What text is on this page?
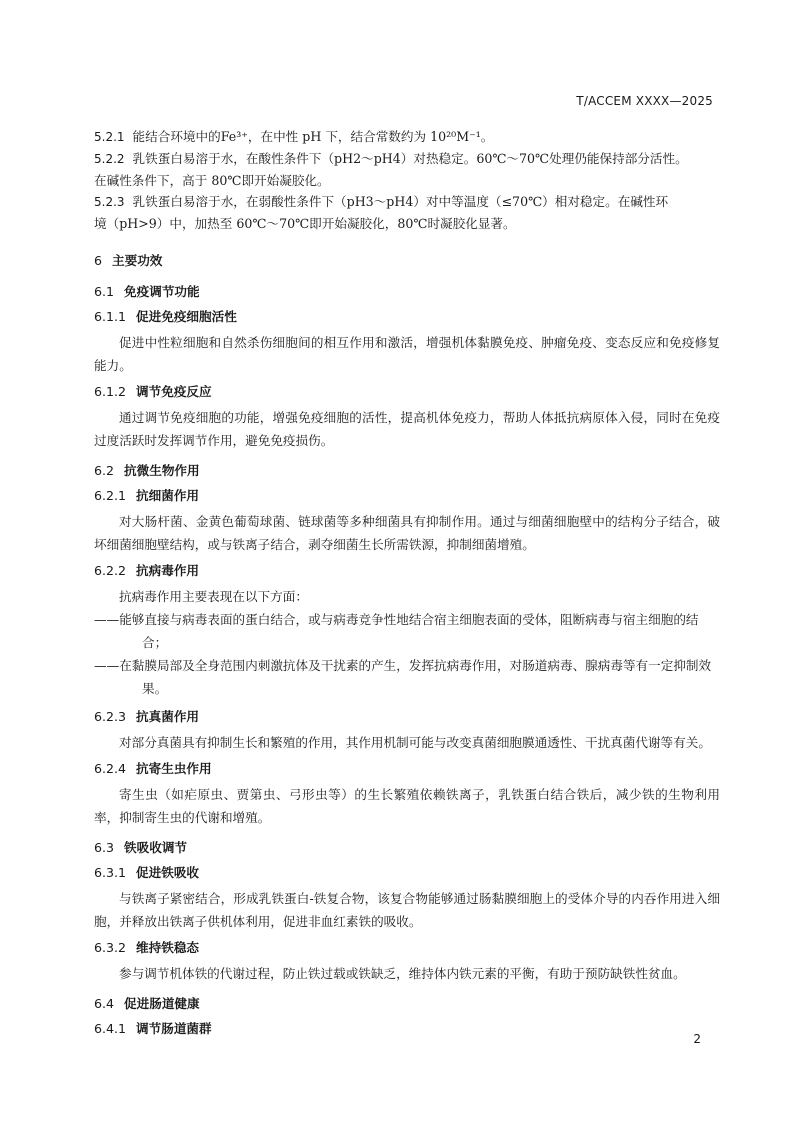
T/ACCEM XXXX—2025

5.2.1 能结合环境中的Fe³⁺，在中性 pH 下，结合常数约为 10²⁰M⁻¹。

5.2.2 乳铁蛋白易溶于水，在酸性条件下（pH2～pH4）对热稳定。60℃～70℃处理仍能保持部分活性。

在碱性条件下，高于 80℃即开始凝胶化。

5.2.3 乳铁蛋白易溶于水，在弱酸性条件下（pH3～pH4）对中等温度（≤70℃）相对稳定。在碱性环

境（pH>9）中，加热至 60℃～70℃即开始凝胶化，80℃时凝胶化显著。

6 主要功效

6.1 免疫调节功能

6.1.1 促进免疫细胞活性

促进中性粒细胞和自然杀伤细胞间的相互作用和激活，增强机体黏膜免疫、肿瘤免疫、变态反应和免疫修复能力。

6.1.2 调节免疫反应

通过调节免疫细胞的功能，增强免疫细胞的活性，提高机体免疫力，帮助人体抵抗病原体入侵，同时在免疫过度活跃时发挥调节作用，避免免疫损伤。

6.2 抗微生物作用

6.2.1 抗细菌作用

对大肠杆菌、金黄色葡萄球菌、链球菌等多种细菌具有抑制作用。通过与细菌细胞壁中的结构分子结合，破坏细菌细胞壁结构，或与铁离子结合，剥夺细菌生长所需铁源，抑制细菌增殖。

6.2.2 抗病毒作用

抗病毒作用主要表现在以下方面：

——能够直接与病毒表面的蛋白结合，或与病毒竞争性地结合宿主细胞表面的受体，阻断病毒与宿主细胞的结合；

——在黏膜局部及全身范围内刺激抗体及干扰素的产生，发挥抗病毒作用，对肠道病毒、腺病毒等有一定抑制效果。

6.2.3 抗真菌作用

对部分真菌具有抑制生长和繁殖的作用，其作用机制可能与改变真菌细胞膜通透性、干扰真菌代谢等有关。

6.2.4 抗寄生虫作用

寄生虫（如疟原虫、贾第虫、弓形虫等）的生长繁殖依赖铁离子，乳铁蛋白结合铁后，减少铁的生物利用率，抑制寄生虫的代谢和增殖。

6.3 铁吸收调节

6.3.1 促进铁吸收

与铁离子紧密结合，形成乳铁蛋白-铁复合物，该复合物能够通过肠黏膜细胞上的受体介导的内吞作用进入细胞，并释放出铁离子供机体利用，促进非血红素铁的吸收。

6.3.2 维持铁稳态

参与调节机体铁的代谢过程，防止铁过载或铁缺乏，维持体内铁元素的平衡，有助于预防缺铁性贫血。

6.4 促进肠道健康

6.4.1 调节肠道菌群

2
